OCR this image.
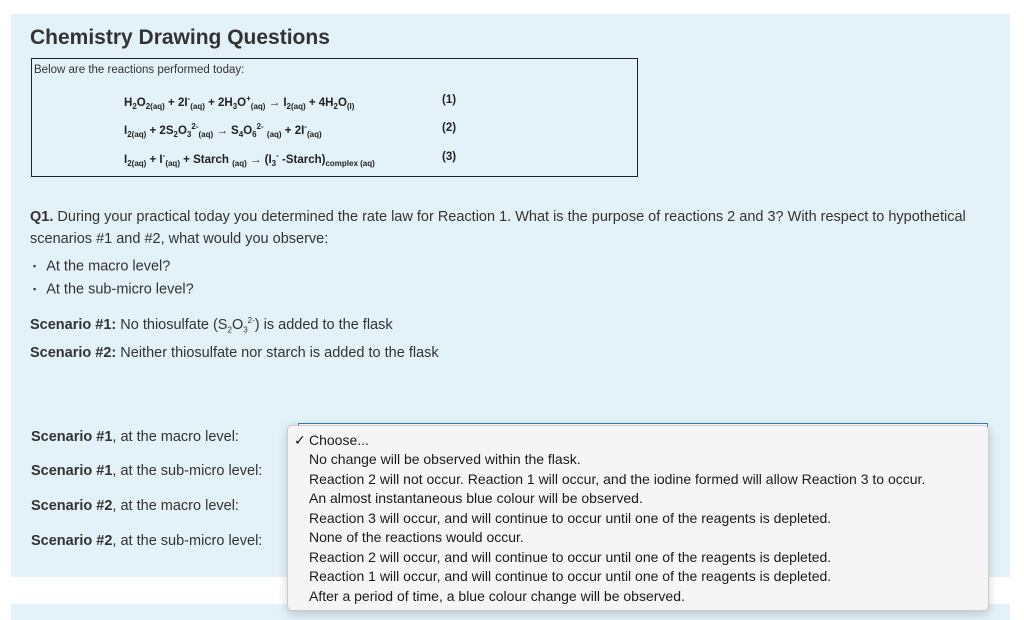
Chemistry Drawing Questions
Below are the reactions performed today:
$H_2O_{2(aq)} + 2I^-_{(aq)} + 2H_3O^+_{(aq)} \to I_{2(aq)} + 4H_2O_{(l)}$
(1)
$I_{2(aq)} + 2S_2O_3^{2-}_{(aq)} \to S_4O_6^{2-}$ $_{(aq)} + 2I^-_{(aq)}$
(2)
$I_{2(aq)} + I^-_{(aq)}$ + Starch $_{(aq)} \to (I_3^-$ $-Starch)_{complex (aq)}$
(3)
Q1. During your practical today you determined the rate law for Reaction 1. What is the purpose of reactions 2 and 3? With respect to hypothetical scenarios #1 and #2, what would you observe:
▪ At the macro level?
▪ At the sub-micro level?
Scenario #1: No thiosulfate $(S_2O_3^{2-})$ is added to the flask
Scenario #2: Neither thiosulfate nor starch is added to the flask
Scenario #1, at the macro level:
Scenario #1, at the sub-micro level:
Scenario #2, at the macro level:
Scenario #2, at the sub-micro level:
✓ Choose...
No change will be observed within the flask.
Reaction 2 will not occur. Reaction 1 will occur, and the iodine formed will allow Reaction 3 to occur.
An almost instantaneous blue colour will be observed.
Reaction 3 will occur, and will continue to occur until one of the reagents is depleted.
None of the reactions would occur.
Reaction 2 will occur, and will continue to occur until one of the reagents is depleted.
Reaction 1 will occur, and will continue to occur until one of the reagents is depleted.
After a period of time, a blue colour change will be observed.
